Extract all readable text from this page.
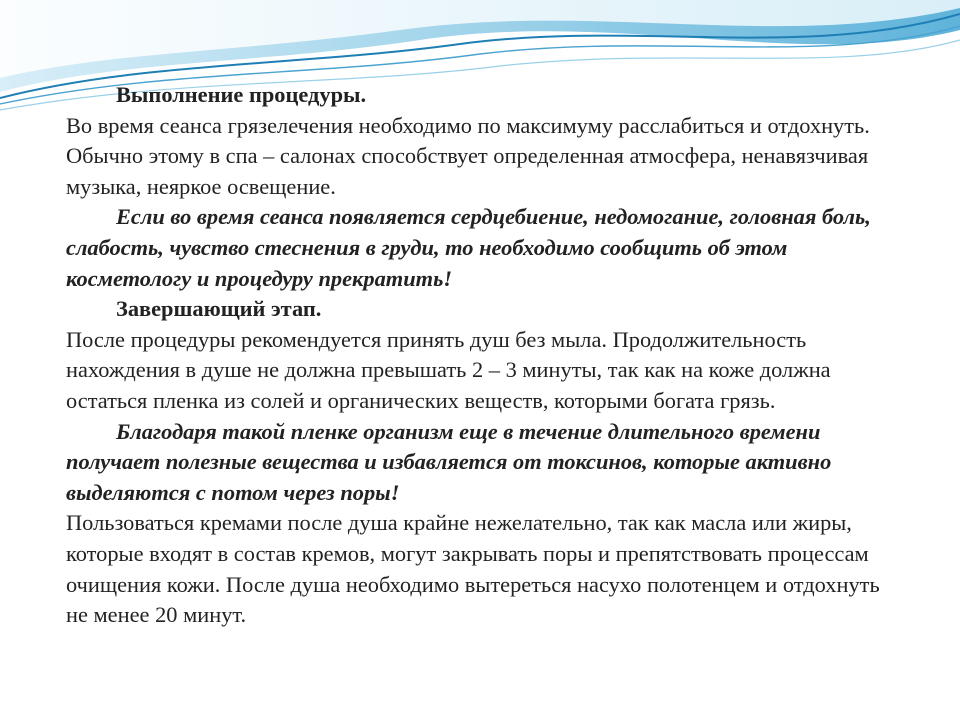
Выполнение процедуры.

Во время сеанса грязелечения необходимо по максимуму расслабиться и отдохнуть. Обычно этому в спа – салонах способствует определенная атмосфера, ненавязчивая музыка, неяркое освещение.

Если во время сеанса появляется сердцебиение, недомогание, головная боль, слабость, чувство стеснения в груди, то необходимо сообщить об этом косметологу и процедуру прекратить!

Завершающий этап.

После процедуры рекомендуется принять душ без мыла. Продолжительность нахождения в душе не должна превышать 2 – 3 минуты, так как на коже должна остаться пленка из солей и органических веществ, которыми богата грязь.

Благодаря такой пленке организм еще в течение длительного времени получает полезные вещества и избавляется от токсинов, которые активно выделяются с потом через поры!

Пользоваться кремами после душа крайне нежелательно, так как масла или жиры, которые входят в состав кремов, могут закрывать поры и препятствовать процессам очищения кожи. После душа необходимо вытереться насухо полотенцем и отдохнуть не менее 20 минут.
